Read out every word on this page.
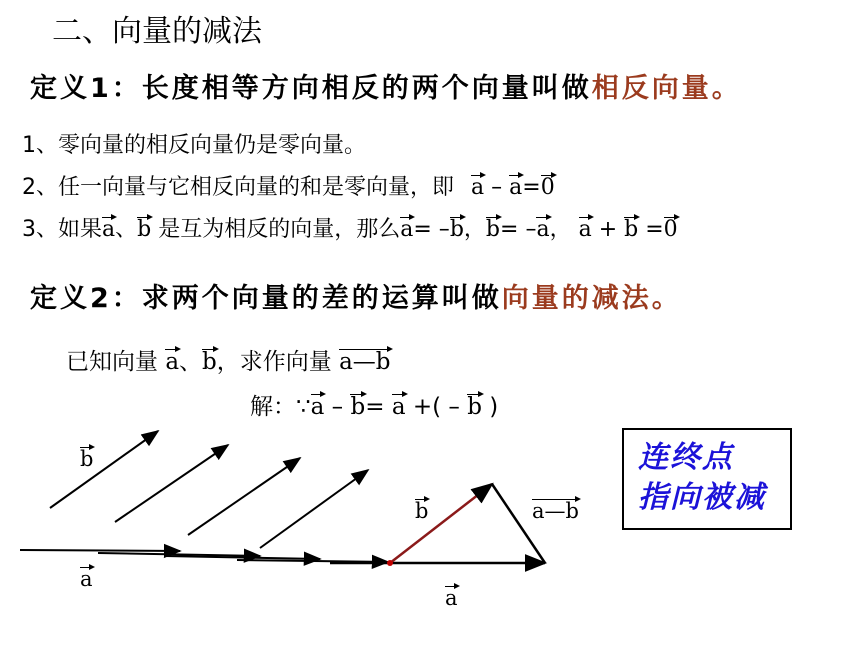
二、向量的减法
定义1：长度相等方向相反的两个向量叫做相反向量。
1、零向量的相反向量仍是零向量。
2、任一向量与它相反向量的和是零向量，即 a – a=0
3、如果a、b 是互为相反的向量，那么a= –b，b= –a， a + b =0
定义2：求两个向量的差的运算叫做向量的减法。
已知向量 a、b，求作向量 a—b
解：∵a – b= a +( – b )
b
a
b	a—b
a
连终点
指向被减
